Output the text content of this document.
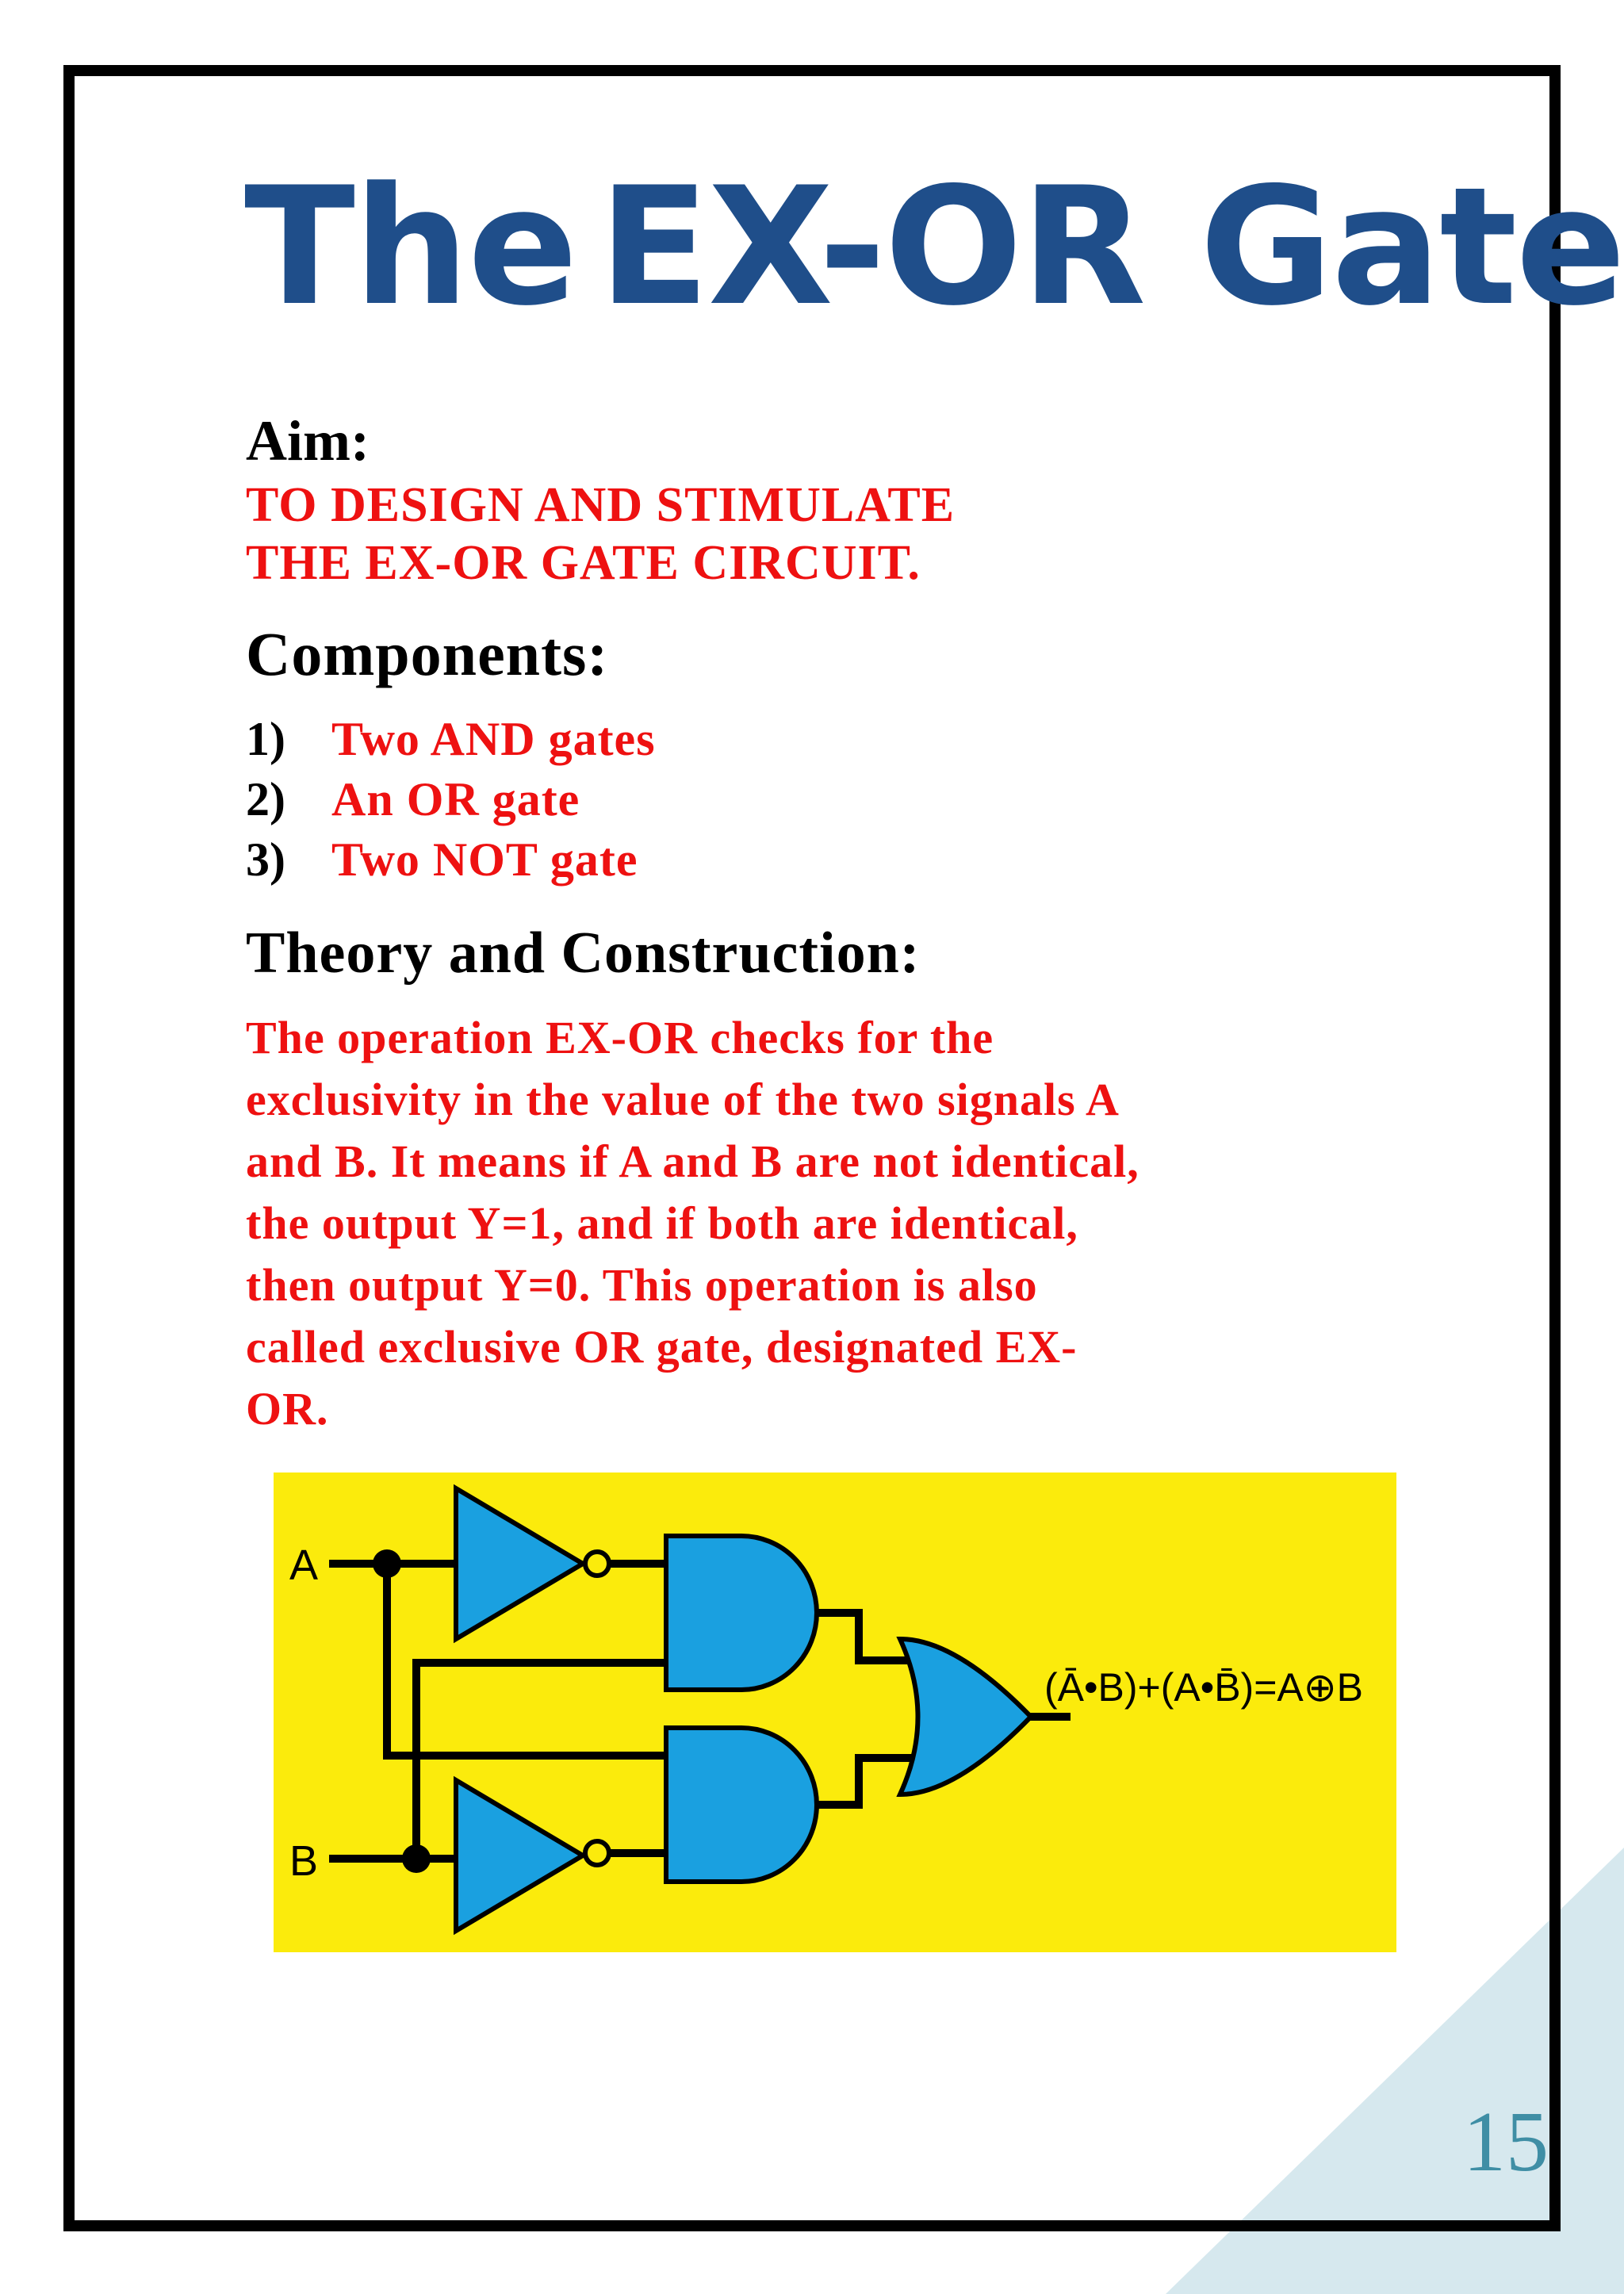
The EX-OR Gate
Aim:
TO DESIGN AND STIMULATE
THE EX-OR GATE CIRCUIT.
Components:
1) Two AND gates
2) An OR gate
3) Two NOT gate
Theory and Construction:
The operation EX-OR checks for the
exclusivity in the value of the two signals A
and B. It means if A and B are not identical,
the output Y=1, and if both are identical,
then output Y=0. This operation is also
called exclusive OR gate, designated EX-
OR.
A
B
(Ā•B)+(A•B̄)=A⊕B
15
